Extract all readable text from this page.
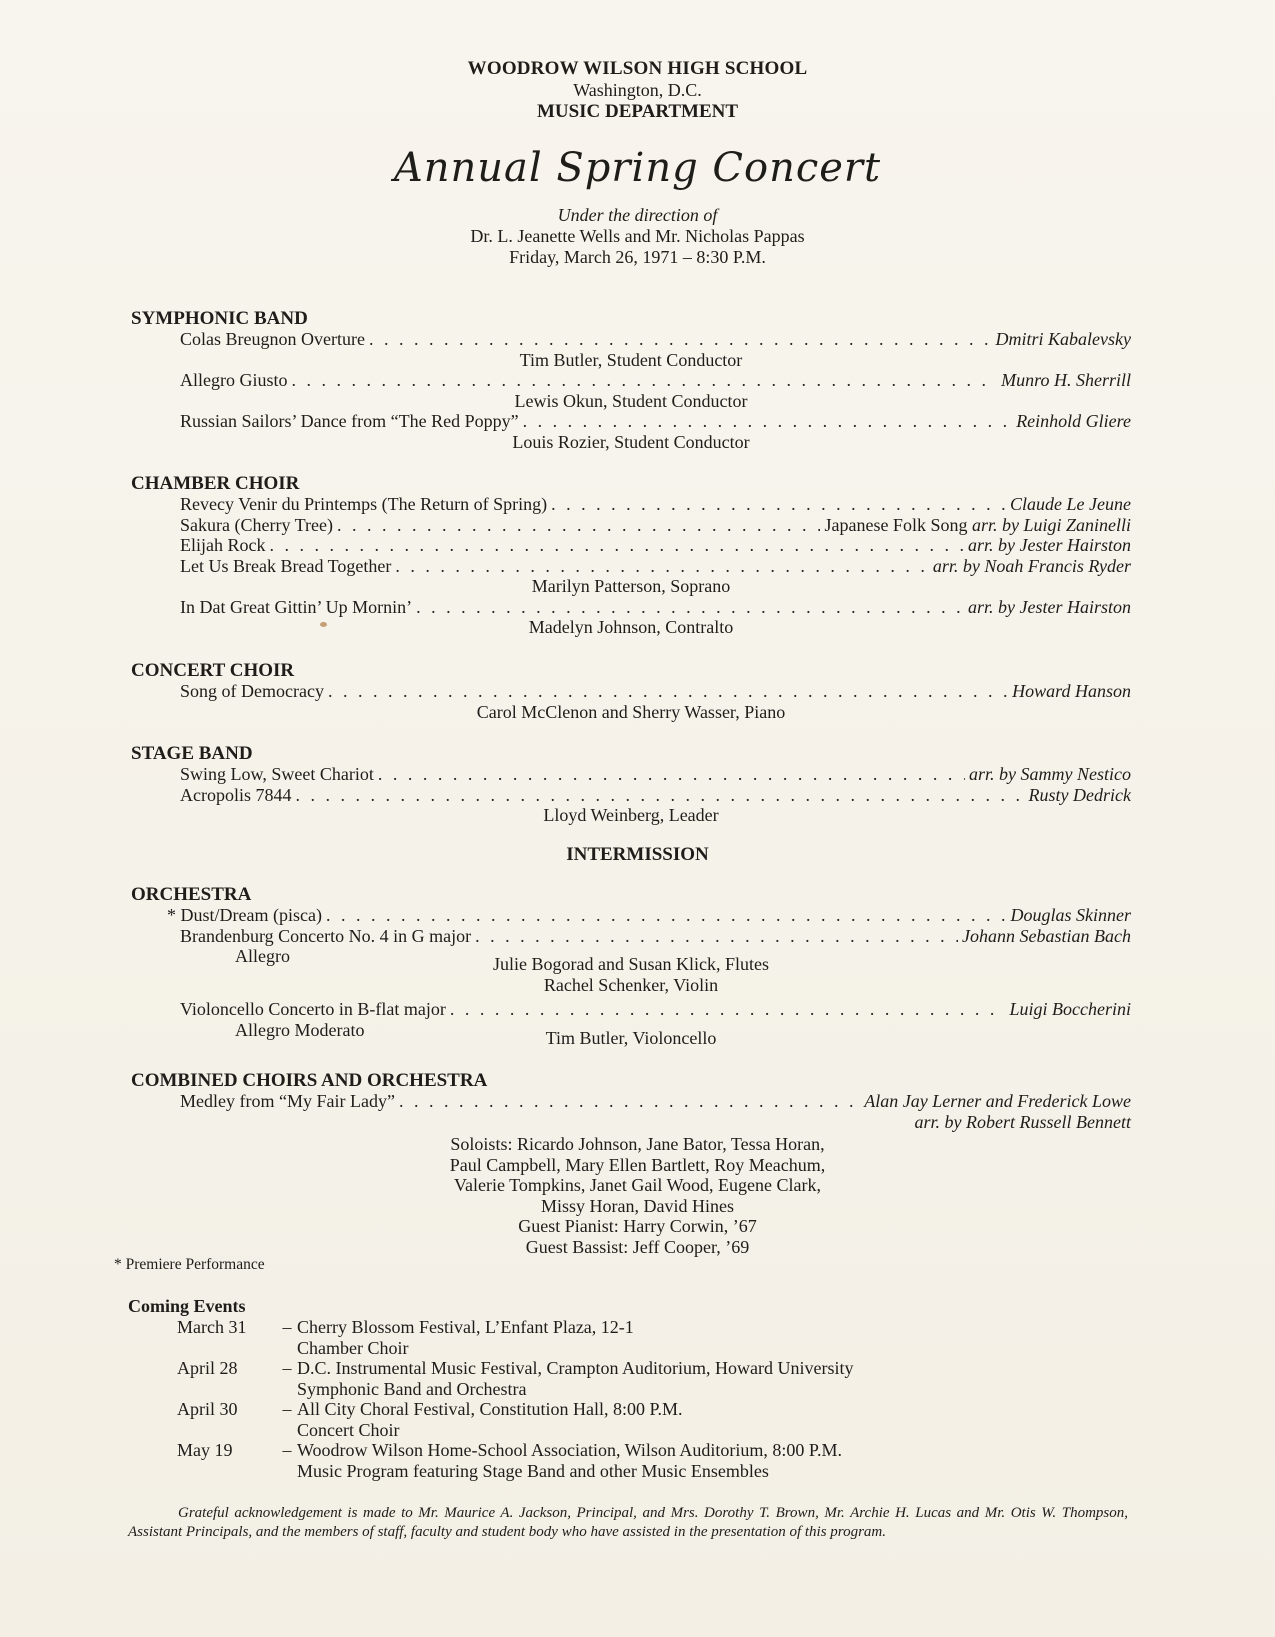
WOODROW WILSON HIGH SCHOOL
Washington, D.C.
MUSIC DEPARTMENT
Annual Spring Concert
Under the direction of
Dr. L. Jeanette Wells and Mr. Nicholas Pappas
Friday, March 26, 1971 – 8:30 P.M.
SYMPHONIC BAND
Colas Breugnon Overture . . .	Dmitri Kabalevsky
Tim Butler, Student Conductor
Allegro Giusto . . .	Munro H. Sherrill
Lewis Okun, Student Conductor
Russian Sailors’ Dance from “The Red Poppy” . . .	Reinhold Gliere
Louis Rozier, Student Conductor
CHAMBER CHOIR
Revecy Venir du Printemps (The Return of Spring) . . .	Claude Le Jeune
Sakura (Cherry Tree) . . .	Japanese Folk Song arr. by Luigi Zaninelli
Elijah Rock . . .	arr. by Jester Hairston
Let Us Break Bread Together . . .	arr. by Noah Francis Ryder
Marilyn Patterson, Soprano
In Dat Great Gittin’ Up Mornin’ . . .	arr. by Jester Hairston
Madelyn Johnson, Contralto
CONCERT CHOIR
Song of Democracy . . .	Howard Hanson
Carol McClenon and Sherry Wasser, Piano
STAGE BAND
Swing Low, Sweet Chariot . . .	arr. by Sammy Nestico
Acropolis 7844 . . .	Rusty Dedrick
Lloyd Weinberg, Leader
INTERMISSION
ORCHESTRA
* Dust/Dream (pisca) . . .	Douglas Skinner
Brandenburg Concerto No. 4 in G major . . .	Johann Sebastian Bach
Allegro	Julie Bogorad and Susan Klick, Flutes
Rachel Schenker, Violin
Violoncello Concerto in B-flat major . . .	Luigi Boccherini
Allegro Moderato	Tim Butler, Violoncello
COMBINED CHOIRS AND ORCHESTRA
Medley from “My Fair Lady” . . .	Alan Jay Lerner and Frederick Lowe
arr. by Robert Russell Bennett
Soloists: Ricardo Johnson, Jane Bator, Tessa Horan,
Paul Campbell, Mary Ellen Bartlett, Roy Meachum,
Valerie Tompkins, Janet Gail Wood, Eugene Clark,
Missy Horan, David Hines
Guest Pianist: Harry Corwin, ’67
Guest Bassist: Jeff Cooper, ’69
* Premiere Performance
Coming Events
March 31	– Cherry Blossom Festival, L’Enfant Plaza, 12-1
Chamber Choir
April 28	– D.C. Instrumental Music Festival, Crampton Auditorium, Howard University
Symphonic Band and Orchestra
April 30	– All City Choral Festival, Constitution Hall, 8:00 P.M.
Concert Choir
May 19	– Woodrow Wilson Home-School Association, Wilson Auditorium, 8:00 P.M.
Music Program featuring Stage Band and other Music Ensembles
Grateful acknowledgement is made to Mr. Maurice A. Jackson, Principal, and Mrs. Dorothy T. Brown, Mr. Archie H. Lucas and Mr. Otis W. Thompson, Assistant Principals, and the members of staff, faculty and student body who have assisted in the presentation of this program.
